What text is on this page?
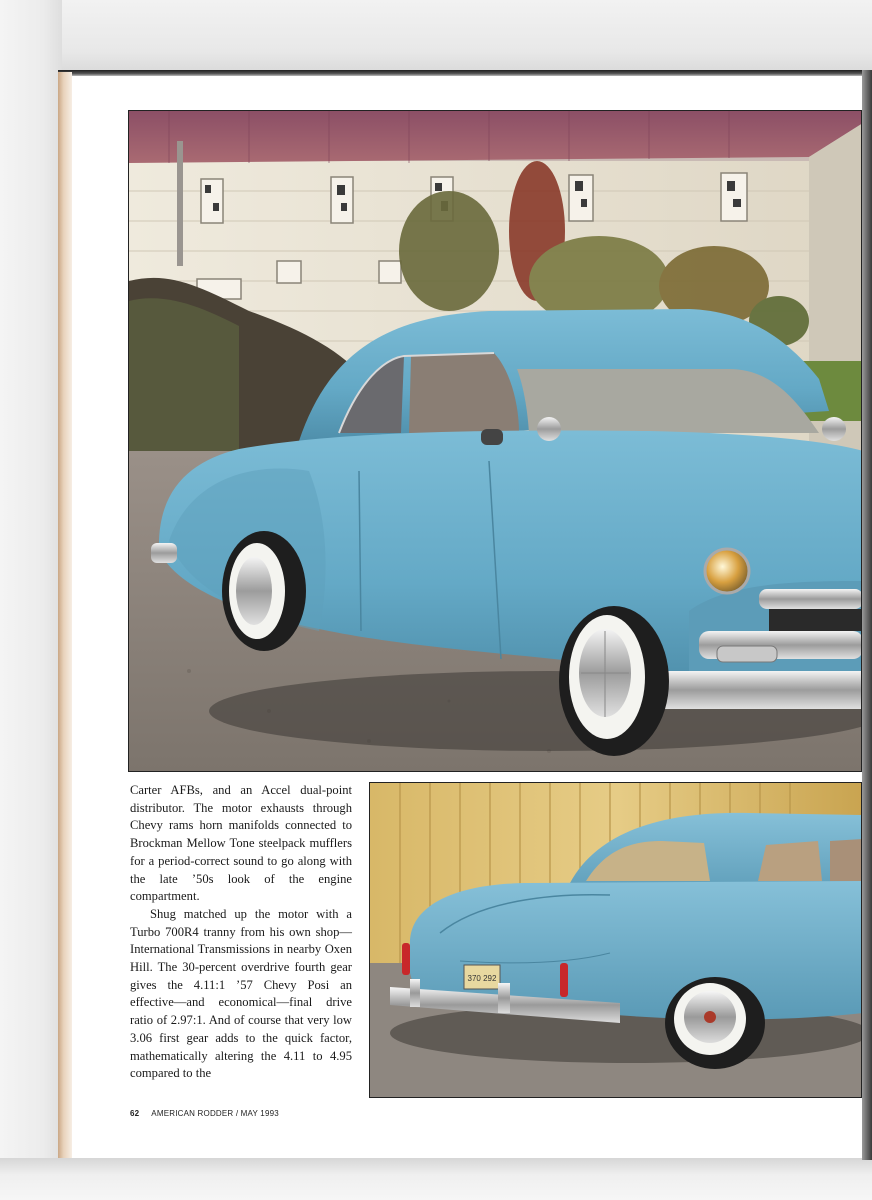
370 292

Carter AFBs, and an Accel dual-point distributor. The motor exhausts through Chevy rams horn manifolds connected to Brockman Mellow Tone steelpack mufflers for a period-correct sound to go along with the late ’50s look of the engine compartment.

Shug matched up the motor with a Turbo 700R4 tranny from his own shop—International Transmissions in nearby Oxen Hill. The 30-percent overdrive fourth gear gives the 4.11:1 ’57 Chevy Posi an effective—and economical—final drive ratio of 2.97:1. And of course that very low 3.06 first gear adds to the quick factor, mathematically altering the 4.11 to 4.95 compared to the

62 AMERICAN RODDER / MAY 1993
